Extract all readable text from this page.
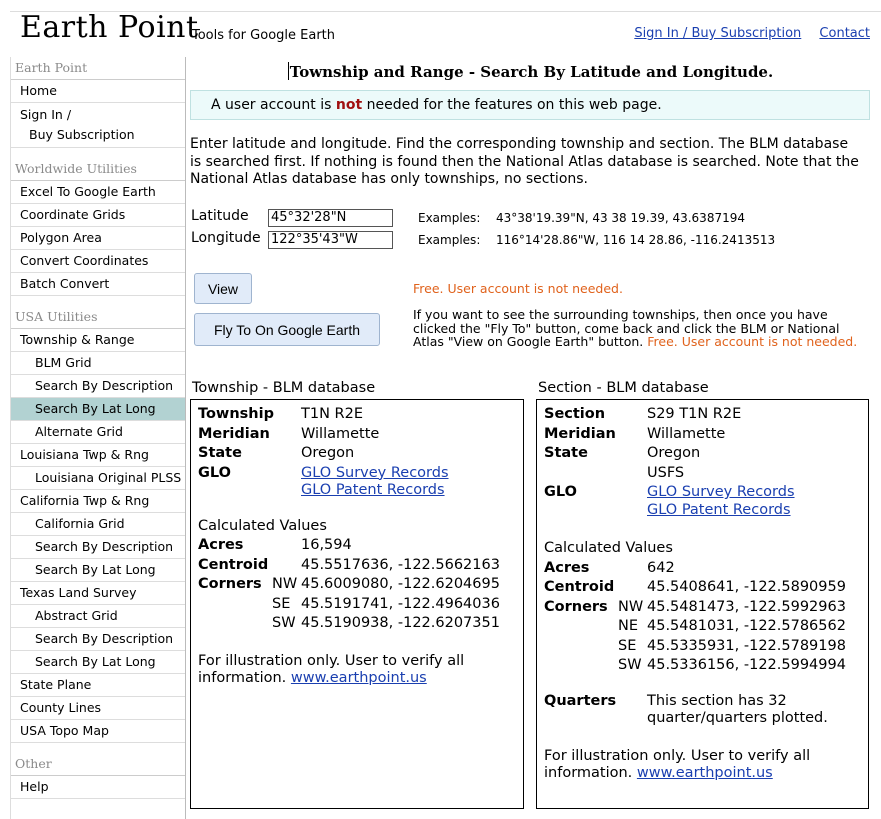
Earth Point
Tools for Google Earth	Sign In / Buy Subscription Contact
Earth Point
Home
Sign In /
Buy Subscription
Worldwide Utilities
Excel To Google Earth
Coordinate Grids
Polygon Area
Convert Coordinates
Batch Convert
USA Utilities
Township & Range
BLM Grid
Search By Description
Search By Lat Long
Alternate Grid
Louisiana Twp & Rng
Louisiana Original PLSS
California Twp & Rng
California Grid
Search By Description
Search By Lat Long
Texas Land Survey
Abstract Grid
Search By Description
Search By Lat Long
State Plane
County Lines
USA Topo Map
Other
Help
Township and Range - Search By Latitude and Longitude.
A user account is not needed for the features on this web page.
Enter latitude and longitude. Find the corresponding township and section. The BLM database is searched first. If nothing is found then the National Atlas database is searched. Note that the National Atlas database has only townships, no sections.
Latitude
45°32'28"N
Longitude
122°35'43"W
Examples: 43°38'19.39"N, 43 38 19.39, 43.6387194
Examples: 116°14'28.86"W, 116 14 28.86, -116.2413513
View
Fly To On Google Earth
Free. User account is not needed.
If you want to see the surrounding townships, then once you have clicked the "Fly To" button, come back and click the BLM or National Atlas "View on Google Earth" button. Free. User account is not needed.
Township - BLM database
Township T1N R2E
Meridian Willamette
State	Oregon
GLO	GLO Survey Records
GLO Patent Records
Calculated Values
Acres	16,594
Centroid 45.5517636, -122.5662163
Corners NW 45.6009080, -122.6204695
SE 45.5191741, -122.4964036
SW 45.5190938, -122.6207351
For illustration only. User to verify all information. www.earthpoint.us
Section - BLM database
Section	S29 T1N R2E
Meridian Willamette
State	Oregon
USFS
GLO	GLO Survey Records
GLO Patent Records
Calculated Values
Acres	642
Centroid 45.5408641, -122.5890959
Corners NW 45.5481473, -122.5992963
NE 45.5481031, -122.5786562
SE 45.5335931, -122.5789198
SW 45.5336156, -122.5994994
Quarters This section has 32 quarter/quarters plotted.
For illustration only. User to verify all information. www.earthpoint.us
